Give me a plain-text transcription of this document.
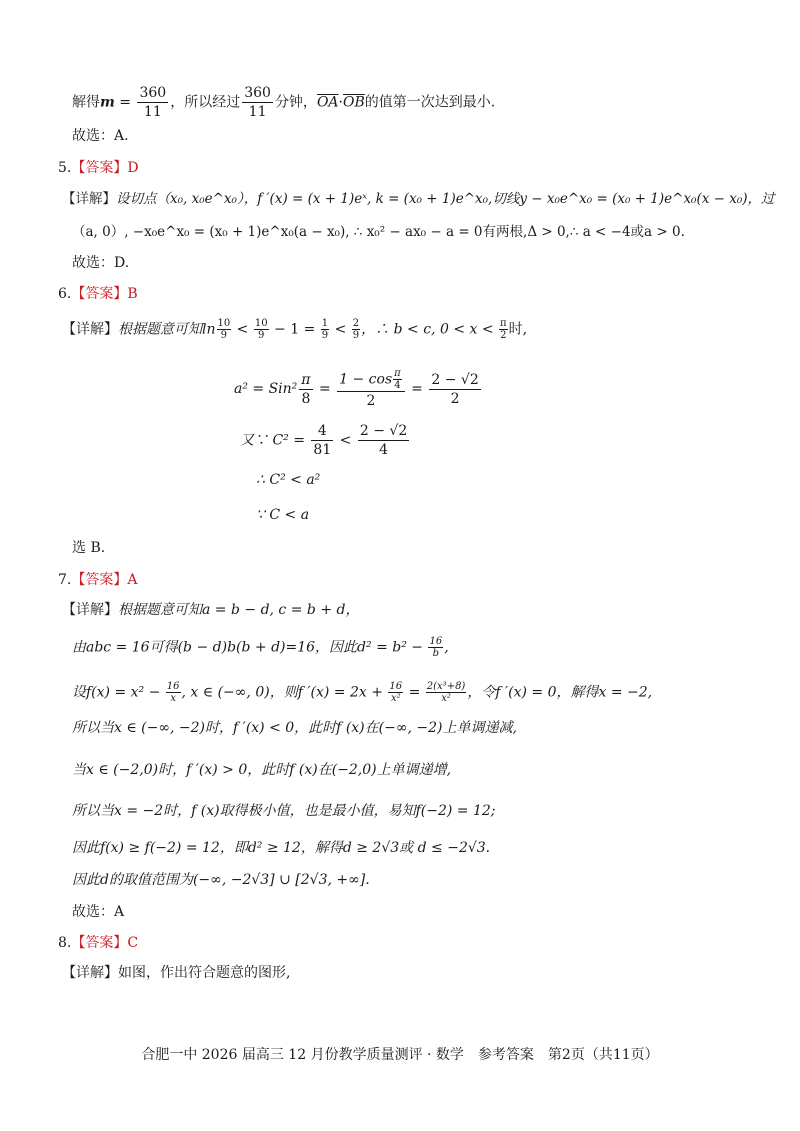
解得$m = \frac{360}{11}$ ，所以经过 $\frac{360}{11}$ 分钟，$\overline{OA}\cdot\overline{OB}$的值第一次达到最小.
故选：A.
5.【答案】D
【详解】设切点（x₀, x₀e^x₀），f ′(x) = (x + 1)eˣ, k = (x₀ + 1)e^x₀,切线y − x₀e^x₀ = (x₀ + 1)e^x₀(x − x₀)，过
（a, 0）, −x₀e^x₀ = (x₀ + 1)e^x₀(a − x₀), ∴ x₀² − ax₀ − a = 0有两根,Δ > 0,∴ a < −4或a > 0.
故选：D.
6.【答案】B
【详解】根据题意可知$\ln \frac{10}{9} < \frac{10}{9} - 1 = \frac{1}{9} < \frac{2}{9}$ ，∴ b < c, $0 < x < \frac{\pi}{2}$ 时,
$a^2 = Sin^2 \frac{\pi}{8} = \frac{1 - \cos \frac{\pi}{4}}{2} = \frac{2 - √2}{2}$
又∵ $C^2 = \frac{4}{81} < \frac{2 - √2}{4}$
∴ C² < a²
∵ C < a
选 B.
7.【答案】A
【详解】根据题意可知a = b − d, c = b + d，
由abc = 16可得(b − d)b(b + d)=16，因此$d^2 = b^2 - \frac{16}{b}$ ,
设$f(x) = x^2 - \frac{16}{x}$ , x ∈ (−∞, 0)，则f $'(x) = 2x + \frac{16}{\text{x²}} = \frac{\text{2(x³+8)}}{\text{x²}}$ ，令f ′(x) = 0，解得x = −2,
所以当x ∈ (−∞, −2)时，f ′(x) < 0，此时f (x)在(−∞, −2)上单调递减,
当x ∈ (−2,0)时，f ′(x) > 0，此时f (x)在(−2,0)上单调递增,
所以当x = −2时，f (x)取得极小值，也是最小值，易知f(−2) = 12;
因此f(x) ≥ f(−2) = 12，即d² ≥ 12，解得d ≥ 2√3或 d ≤ −2√3.
因此d的取值范围为(−∞, −2√3] ∪ [2√3, +∞].
故选：A
8.【答案】C
【详解】如图，作出符合题意的图形,
合肥一中 2026 届高三 12 月份教学质量测评 · 数学　参考答案　第2页（共11页）
